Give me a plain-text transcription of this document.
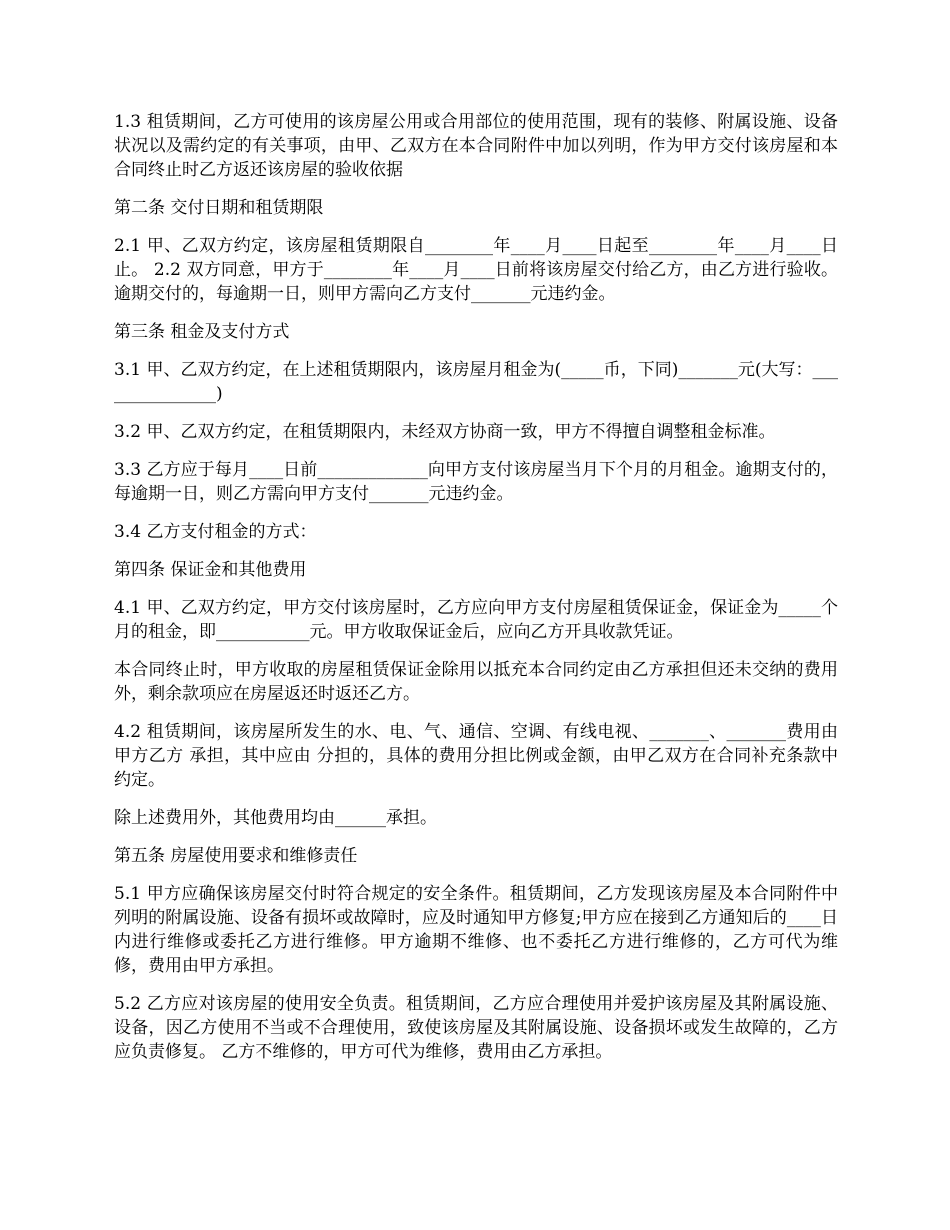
1.3 租赁期间，乙方可使用的该房屋公用或合用部位的使用范围，现有的装修、附属设施、设备状况以及需约定的有关事项，由甲、乙双方在本合同附件中加以列明，作为甲方交付该房屋和本合同终止时乙方返还该房屋的验收依据

第二条 交付日期和租赁期限

2.1 甲、乙双方约定，该房屋租赁期限自________年____月____日起至________年____月____日止。 2.2 双方同意，甲方于________年____月____日前将该房屋交付给乙方，由乙方进行验收。逾期交付的，每逾期一日，则甲方需向乙方支付_______元违约金。

第三条 租金及支付方式

3.1 甲、乙双方约定，在上述租赁期限内，该房屋月租金为(_____币，下同)_______元(大写：_______________)

3.2 甲、乙双方约定，在租赁期限内，未经双方协商一致，甲方不得擅自调整租金标准。

3.3 乙方应于每月____日前_____________向甲方支付该房屋当月下个月的月租金。逾期支付的，每逾期一日，则乙方需向甲方支付_______元违约金。

3.4 乙方支付租金的方式：

第四条 保证金和其他费用

4.1 甲、乙双方约定，甲方交付该房屋时，乙方应向甲方支付房屋租赁保证金，保证金为_____个月的租金，即___________元。甲方收取保证金后，应向乙方开具收款凭证。

本合同终止时，甲方收取的房屋租赁保证金除用以抵充本合同约定由乙方承担但还未交纳的费用外，剩余款项应在房屋返还时返还乙方。

4.2 租赁期间，该房屋所发生的水、电、气、通信、空调、有线电视、_______、_______费用由甲方乙方 承担，其中应由 分担的，具体的费用分担比例或金额，由甲乙双方在合同补充条款中约定。

除上述费用外，其他费用均由______承担。

第五条 房屋使用要求和维修责任

5.1 甲方应确保该房屋交付时符合规定的安全条件。租赁期间，乙方发现该房屋及本合同附件中列明的附属设施、设备有损坏或故障时，应及时通知甲方修复;甲方应在接到乙方通知后的____日内进行维修或委托乙方进行维修。甲方逾期不维修、也不委托乙方进行维修的，乙方可代为维修，费用由甲方承担。

5.2 乙方应对该房屋的使用安全负责。租赁期间，乙方应合理使用并爱护该房屋及其附属设施、设备，因乙方使用不当或不合理使用，致使该房屋及其附属设施、设备损坏或发生故障的，乙方应负责修复。 乙方不维修的，甲方可代为维修，费用由乙方承担。
